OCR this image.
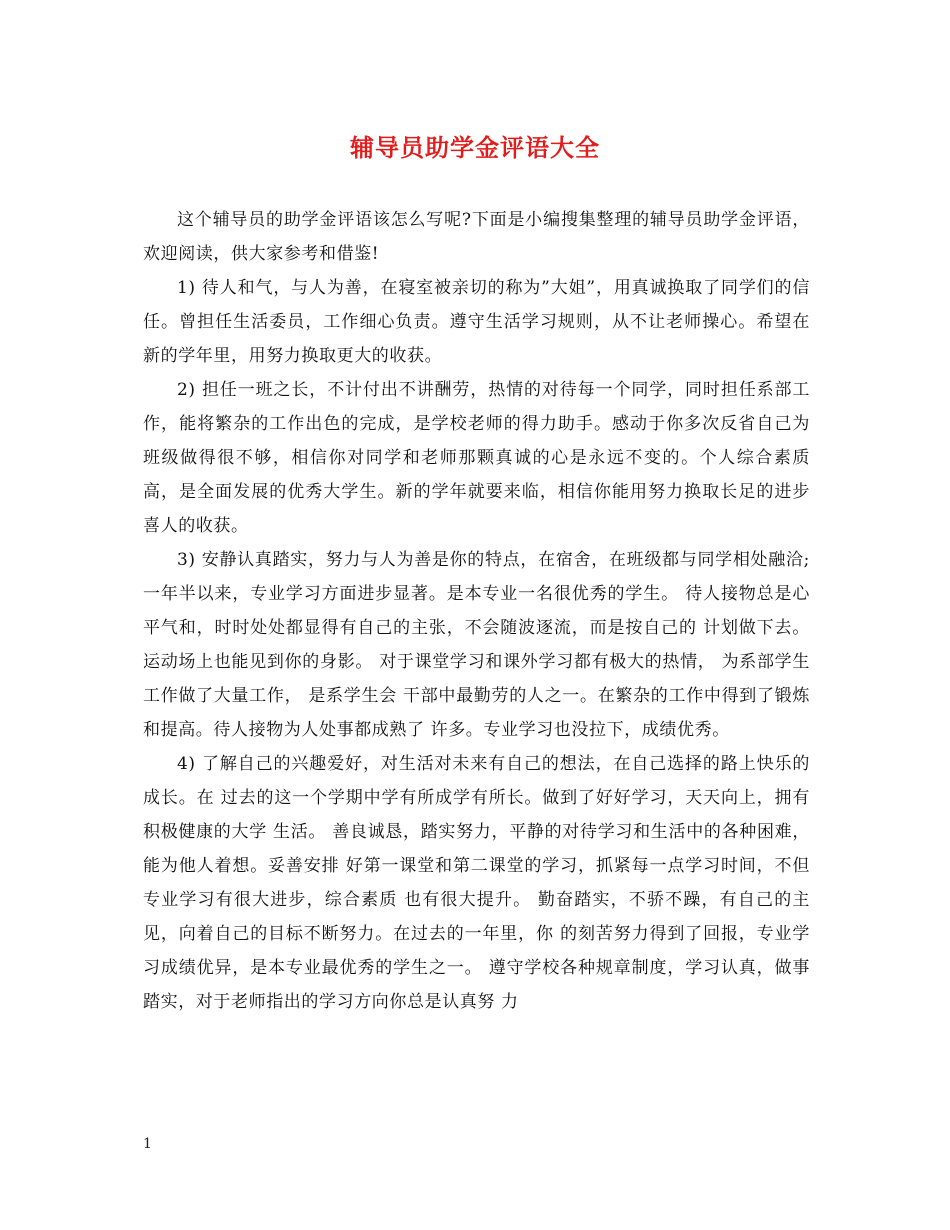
辅导员助学金评语大全

这个辅导员的助学金评语该怎么写呢?下面是小编搜集整理的辅导员助学金评语，欢迎阅读，供大家参考和借鉴!

1) 待人和气，与人为善，在寝室被亲切的称为”大姐”，用真诚换取了同学们的信任。曾担任生活委员，工作细心负责。遵守生活学习规则，从不让老师操心。希望在新的学年里，用努力换取更大的收获。

2) 担任一班之长，不计付出不讲酬劳，热情的对待每一个同学，同时担任系部工作，能将繁杂的工作出色的完成，是学校老师的得力助手。感动于你多次反省自己为班级做得很不够，相信你对同学和老师那颗真诚的心是永远不变的。个人综合素质高，是全面发展的优秀大学生。新的学年就要来临，相信你能用努力换取长足的进步喜人的收获。

3) 安静认真踏实，努力与人为善是你的特点，在宿舍，在班级都与同学相处融洽; 一年半以来，专业学习方面进步显著。是本专业一名很优秀的学生。 待人接物总是心平气和，时时处处都显得有自己的主张，不会随波逐流，而是按自己的 计划做下去。运动场上也能见到你的身影。 对于课堂学习和课外学习都有极大的热情， 为系部学生工作做了大量工作， 是系学生会 干部中最勤劳的人之一。在繁杂的工作中得到了锻炼和提高。待人接物为人处事都成熟了 许多。专业学习也没拉下，成绩优秀。

4) 了解自己的兴趣爱好，对生活对未来有自己的想法，在自己选择的路上快乐的成长。在 过去的这一个学期中学有所成学有所长。做到了好好学习，天天向上，拥有积极健康的大学 生活。 善良诚恳，踏实努力，平静的对待学习和生活中的各种困难，能为他人着想。妥善安排 好第一课堂和第二课堂的学习，抓紧每一点学习时间，不但专业学习有很大进步，综合素质 也有很大提升。 勤奋踏实，不骄不躁，有自己的主见，向着自己的目标不断努力。在过去的一年里，你 的刻苦努力得到了回报，专业学习成绩优异，是本专业最优秀的学生之一。 遵守学校各种规章制度，学习认真，做事踏实，对于老师指出的学习方向你总是认真努 力

1
